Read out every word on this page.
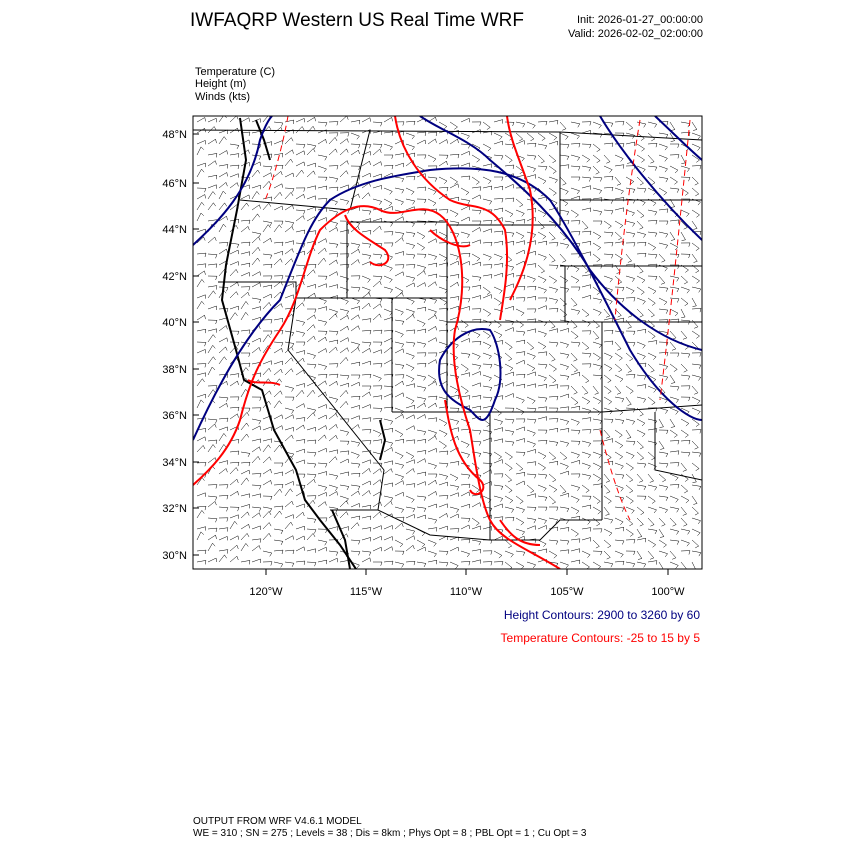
IWFAQRP Western US Real Time WRF	Init: 2026-01-27_00:00:00
Valid: 2026-02-02_02:00:00
Temperature (C)
Height (m)
Winds (kts)
48°N
46°N
44°N
42°N
40°N
38°N
36°N
34°N
32°N
30°N
120°W	115°W	110°W	105°W	100°W
Height Contours: 2900 to 3260 by 60
Temperature Contours: -25 to 15 by 5
OUTPUT FROM WRF V4.6.1 MODEL
WE = 310 ; SN = 275 ; Levels = 38 ; Dis = 8km ; Phys Opt = 8 ; PBL Opt = 1 ; Cu Opt = 3
